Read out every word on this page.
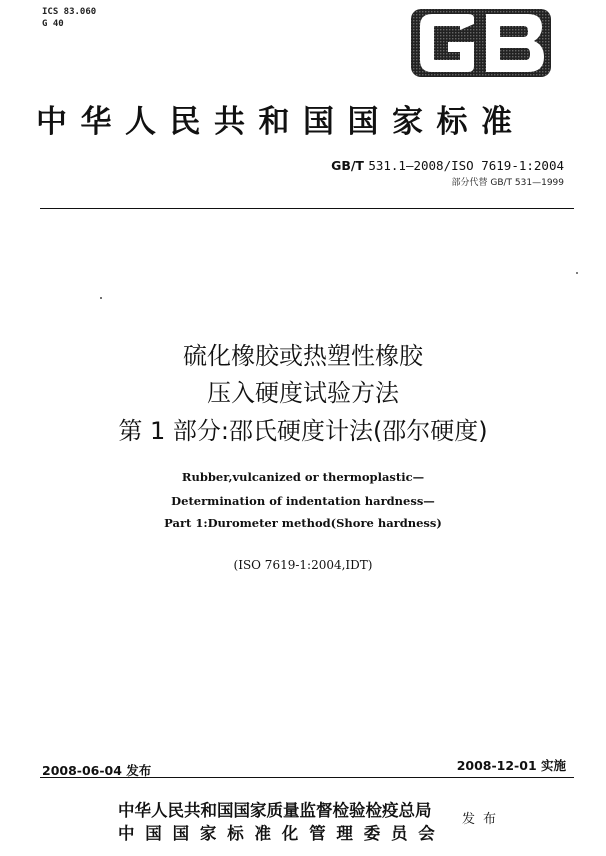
ICS 83.060
G 40
中华人民共和国国家标准
GB/T 531.1—2008/ISO 7619-1:2004
部分代替 GB/T 531—1999
硫化橡胶或热塑性橡胶
压入硬度试验方法
第 1 部分:邵氏硬度计法(邵尔硬度)
Rubber,vulcanized or thermoplastic—
Determination of indentation hardness—
Part 1:Durometer method(Shore hardness)
(ISO 7619-1:2004,IDT)
2008-06-04 发布	2008-12-01 实施
中华人民共和国国家质量监督检验检疫总局
中国国家标准化管理委员会
发布
